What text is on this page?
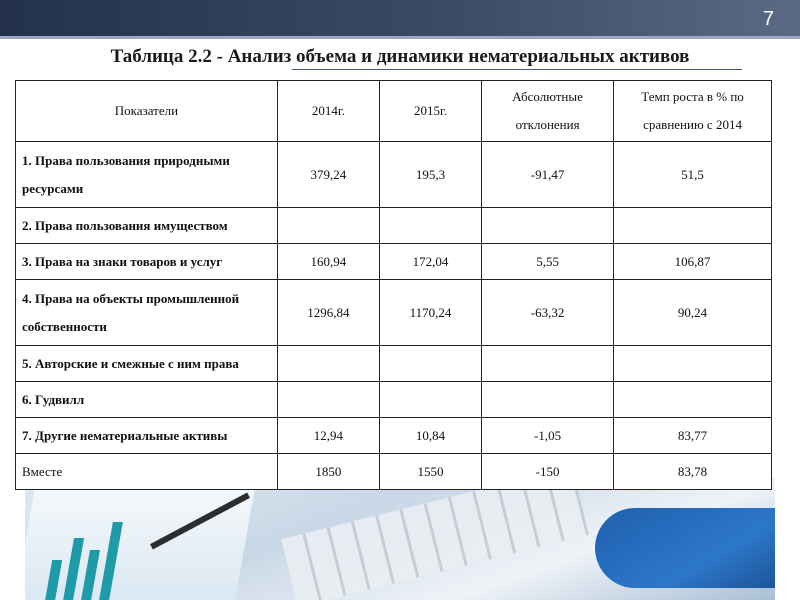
7
Таблица 2.2 - Анализ объема и динамики нематериальных активов
Показатели	2014г.	2015г.	Абсолютные отклонения	Темп роста в % по сравнению с 2014
1. Права пользования природными ресурсами	379,24	195,3	-91,47	51,5
2. Права пользования имуществом				
3. Права на знаки товаров и услуг	160,94	172,04	5,55	106,87
4. Права на объекты промышленной собственности	1296,84	1170,24	-63,32	90,24
5. Авторские и смежные с ним права				
6. Гудвилл				
7. Другие нематериальные активы	12,94	10,84	-1,05	83,77
Вместе	1850	1550	-150	83,78
